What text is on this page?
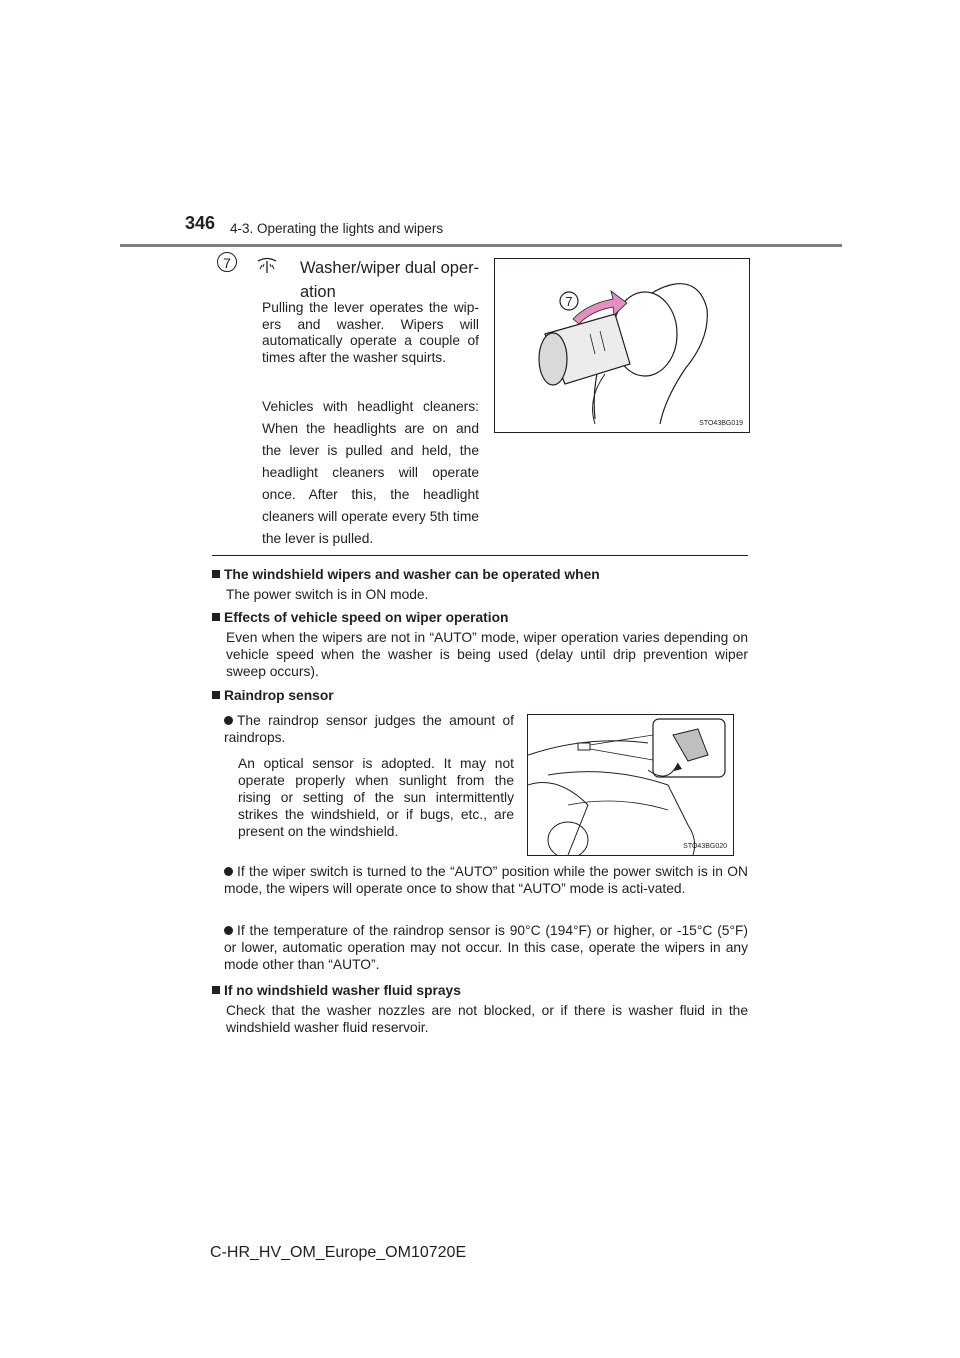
346 4-3. Operating the lights and wipers
7	Washer/wiper dual oper-ation
Pulling the lever operates the wip-ers and washer. Wipers will automatically operate a couple of times after the washer squirts.
Vehicles with headlight cleaners: When the headlights are on and the lever is pulled and held, the headlight cleaners will operate once. After this, the headlight cleaners will operate every 5th time the lever is pulled.
7
STO43BG019
The windshield wipers and washer can be operated when
The power switch is in ON mode.
Effects of vehicle speed on wiper operation
Even when the wipers are not in “AUTO” mode, wiper operation varies depending on vehicle speed when the washer is being used (delay until drip prevention wiper sweep occurs).
Raindrop sensor
The raindrop sensor judges the amount of raindrops.
An optical sensor is adopted. It may not operate properly when sunlight from the rising or setting of the sun intermittently strikes the windshield, or if bugs, etc., are present on the windshield.
STO43BG020
If the wiper switch is turned to the “AUTO” position while the power switch is in ON mode, the wipers will operate once to show that “AUTO” mode is acti-vated.
If the temperature of the raindrop sensor is 90°C (194°F) or higher, or -15°C (5°F) or lower, automatic operation may not occur. In this case, operate the wipers in any mode other than “AUTO”.
If no windshield washer fluid sprays
Check that the washer nozzles are not blocked, or if there is washer fluid in the windshield washer fluid reservoir.
C-HR_HV_OM_Europe_OM10720E
